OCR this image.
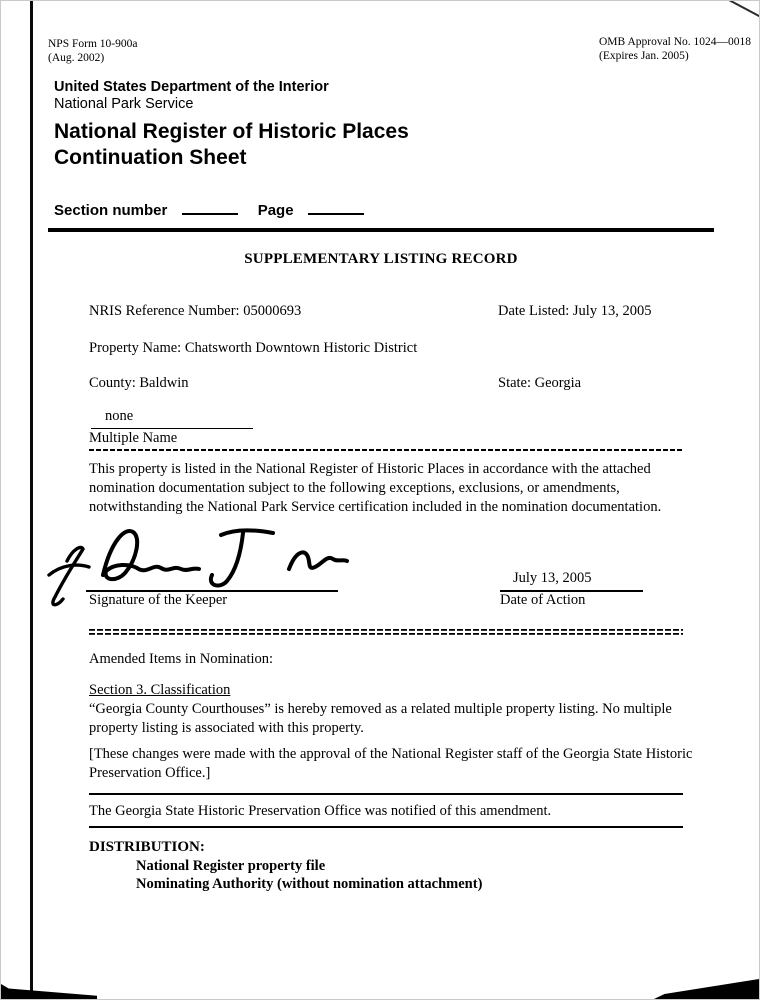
NPS Form 10-900a
(Aug. 2002)
OMB Approval No. 1024—0018
(Expires Jan. 2005)
United States Department of the Interior
National Park Service
National Register of Historic Places
Continuation Sheet
Section number	Page
SUPPLEMENTARY LISTING RECORD
NRIS Reference Number: 05000693	Date Listed: July 13, 2005
Property Name: Chatsworth Downtown Historic District
County: Baldwin	State: Georgia
none
Multiple Name
This property is listed in the National Register of Historic Places in accordance with the attached nomination documentation subject to the following exceptions, exclusions, or amendments, notwithstanding the National Park Service certification included in the nomination documentation.
Signature of the Keeper
July 13, 2005
Date of Action
Amended Items in Nomination:
Section 3. Classification
“Georgia County Courthouses” is hereby removed as a related multiple property listing. No multiple property listing is associated with this property.
[These changes were made with the approval of the National Register staff of the Georgia State Historic Preservation Office.]
The Georgia State Historic Preservation Office was notified of this amendment.
DISTRIBUTION:
National Register property file
Nominating Authority (without nomination attachment)
